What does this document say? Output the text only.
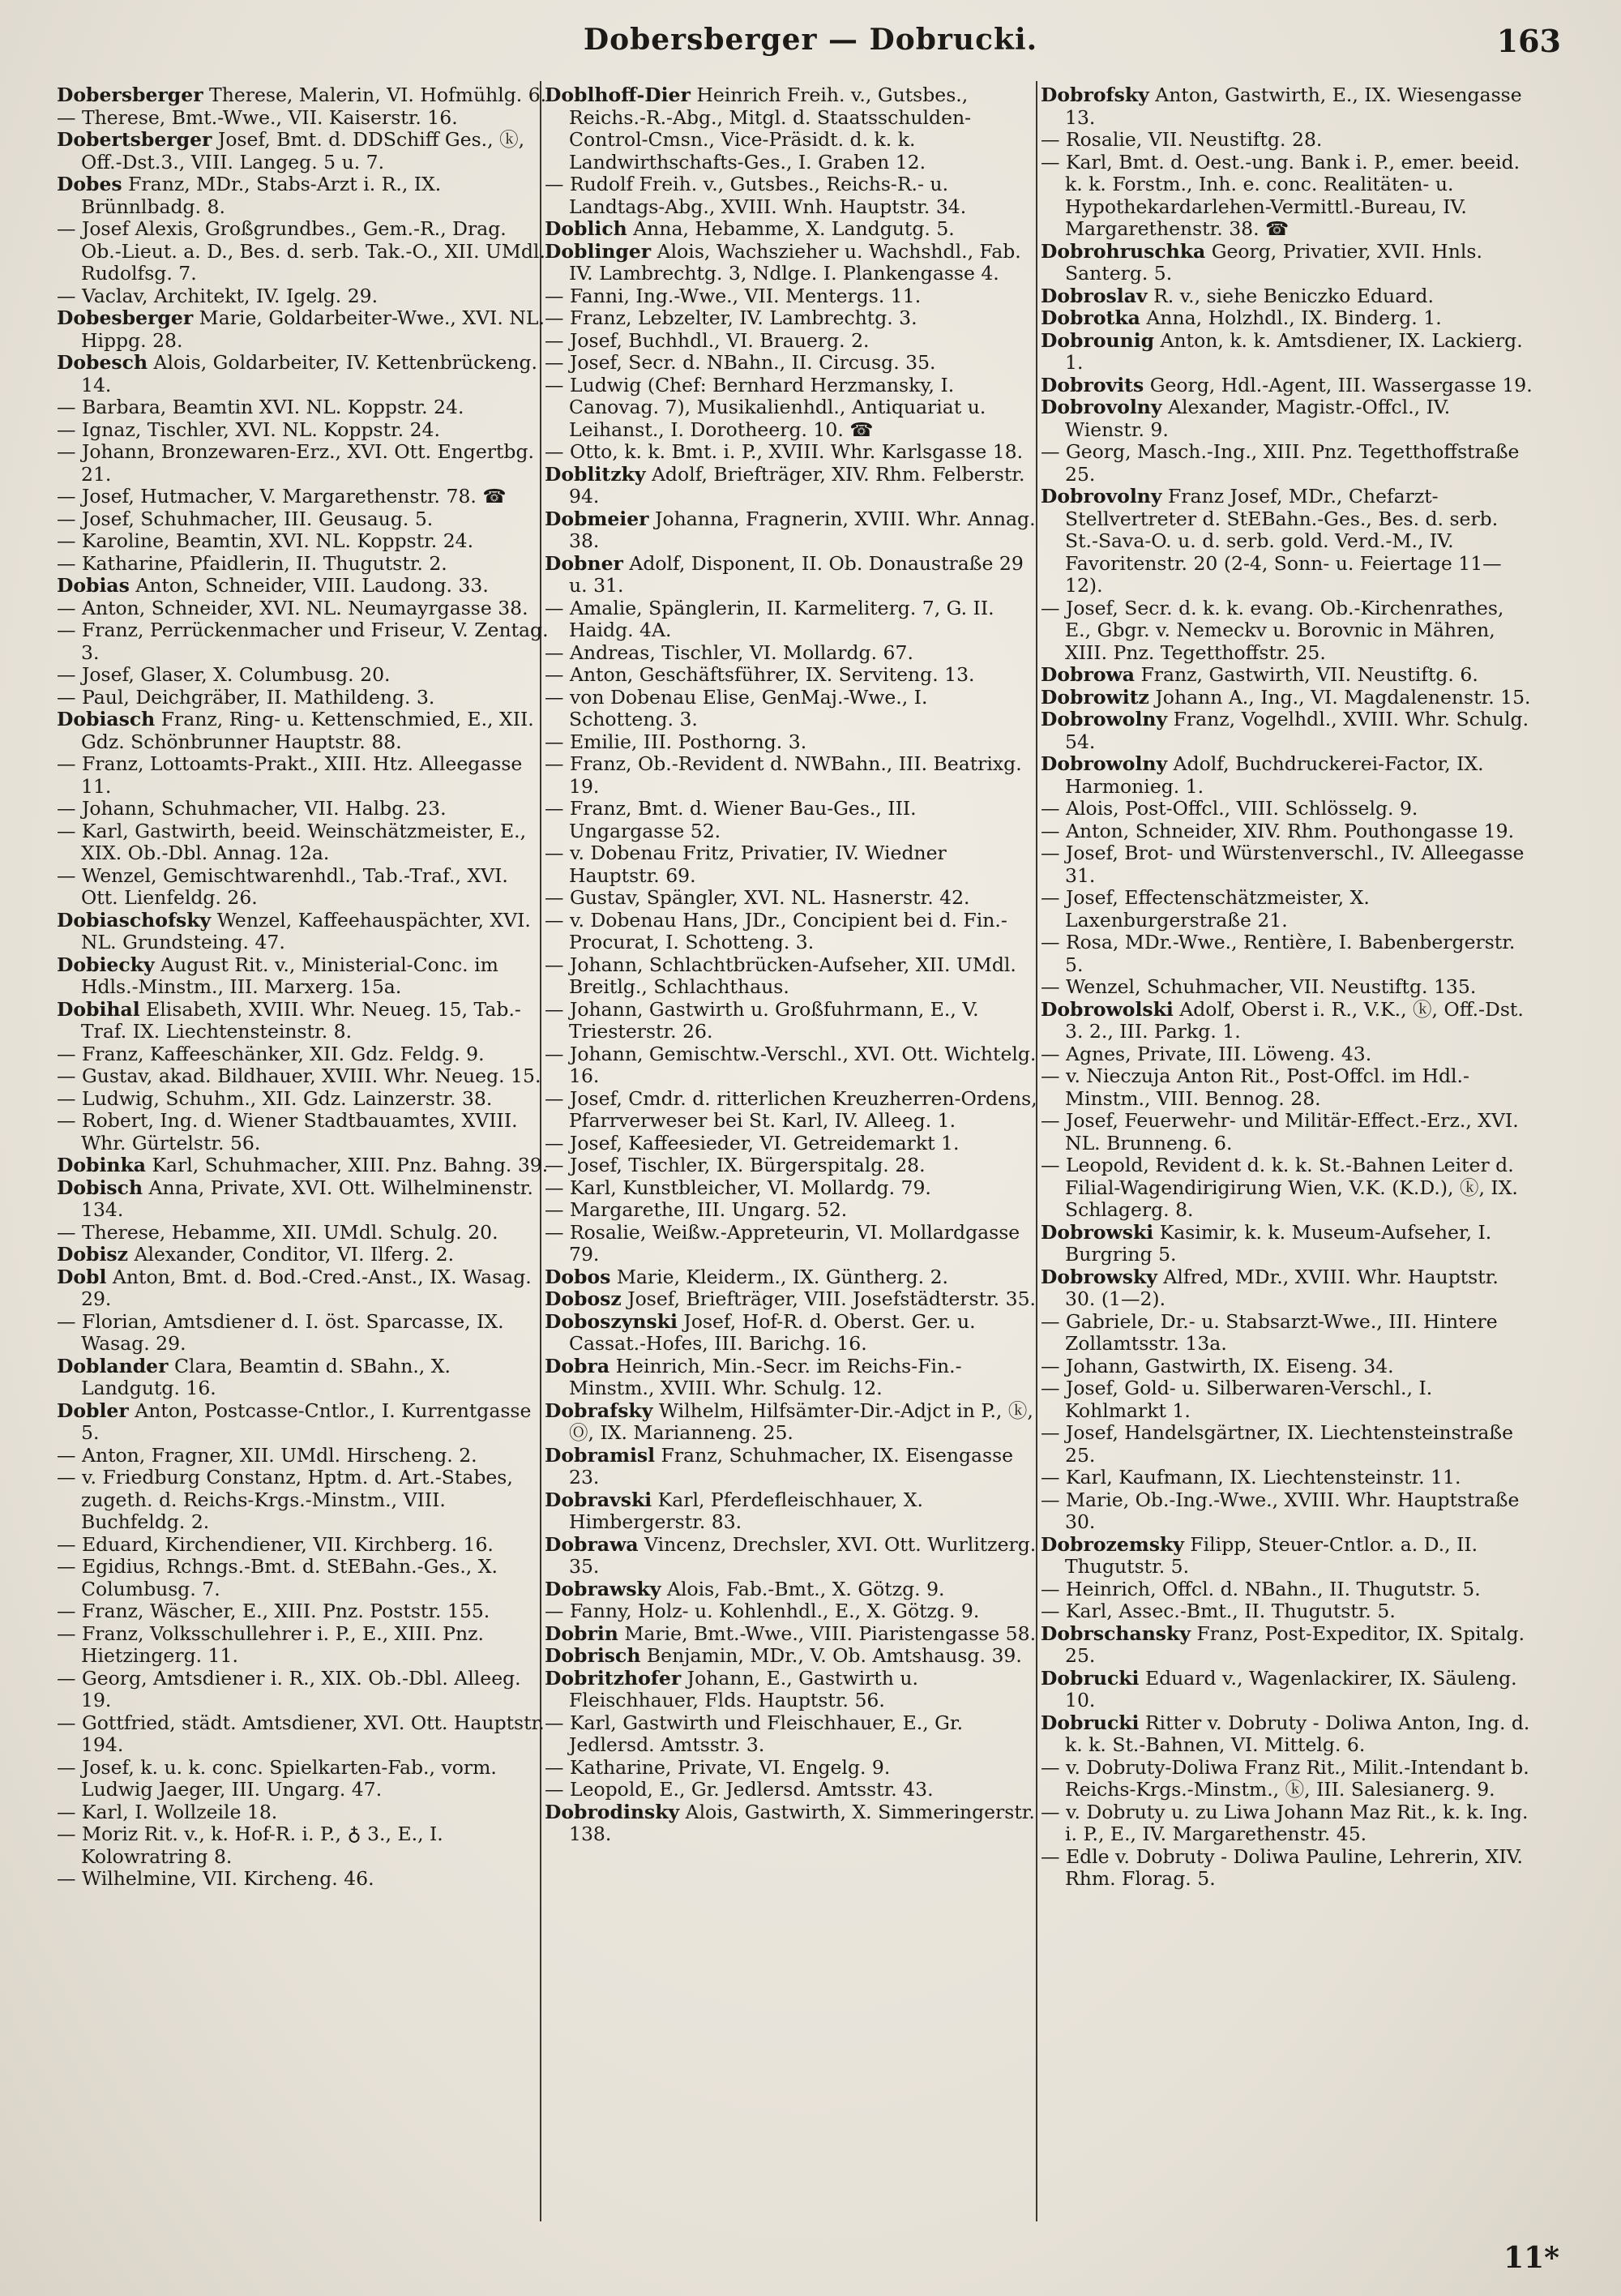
Dobersberger — Dobrucki.	163
Dobersberger Therese, Malerin, VI. Hofmühlg. 6.
— Therese, Bmt.-Wwe., VII. Kaiserstr. 16.
Dobertsberger Josef, Bmt. d. DDSchiff Ges., ⓚ, Off.-Dst.3., VIII. Langeg. 5 u. 7.
Dobes Franz, MDr., Stabs-Arzt i. R., IX. Brünnlbadg. 8.
— Josef Alexis, Großgrundbes., Gem.-R., Drag. Ob.-Lieut. a. D., Bes. d. serb. Tak.-O., XII. UMdl. Rudolfsg. 7.
— Vaclav, Architekt, IV. Igelg. 29.
Dobesberger Marie, Goldarbeiter-Wwe., XVI. NL. Hippg. 28.
Dobesch Alois, Goldarbeiter, IV. Kettenbrückeng. 14.
— Barbara, Beamtin XVI. NL. Koppstr. 24.
— Ignaz, Tischler, XVI. NL. Koppstr. 24.
— Johann, Bronzewaren-Erz., XVI. Ott. Engertbg. 21.
— Josef, Hutmacher, V. Margarethenstr. 78. ☎
— Josef, Schuhmacher, III. Geusaug. 5.
— Karoline, Beamtin, XVI. NL. Koppstr. 24.
— Katharine, Pfaidlerin, II. Thugutstr. 2.
Dobias Anton, Schneider, VIII. Laudong. 33.
— Anton, Schneider, XVI. NL. Neumayrgasse 38.
— Franz, Perrückenmacher und Friseur, V. Zentag. 3.
— Josef, Glaser, X. Columbusg. 20.
— Paul, Deichgräber, II. Mathildeng. 3.
Dobiasch Franz, Ring- u. Kettenschmied, E., XII. Gdz. Schönbrunner Hauptstr. 88.
— Franz, Lottoamts-Prakt., XIII. Htz. Alleegasse 11.
— Johann, Schuhmacher, VII. Halbg. 23.
— Karl, Gastwirth, beeid. Weinschätzmeister, E., XIX. Ob.-Dbl. Annag. 12a.
— Wenzel, Gemischtwarenhdl., Tab.-Traf., XVI. Ott. Lienfeldg. 26.
Dobiaschofsky Wenzel, Kaffeehauspächter, XVI. NL. Grundsteing. 47.
Dobiecky August Rit. v., Ministerial-Conc. im Hdls.-Minstm., III. Marxerg. 15a.
Dobihal Elisabeth, XVIII. Whr. Neueg. 15, Tab.-Traf. IX. Liechtensteinstr. 8.
— Franz, Kaffeeschänker, XII. Gdz. Feldg. 9.
— Gustav, akad. Bildhauer, XVIII. Whr. Neueg. 15.
— Ludwig, Schuhm., XII. Gdz. Lainzerstr. 38.
— Robert, Ing. d. Wiener Stadtbauamtes, XVIII. Whr. Gürtelstr. 56.
Dobinka Karl, Schuhmacher, XIII. Pnz. Bahng. 39.
Dobisch Anna, Private, XVI. Ott. Wilhelminenstr. 134.
— Therese, Hebamme, XII. UMdl. Schulg. 20.
Dobisz Alexander, Conditor, VI. Ilferg. 2.
Dobl Anton, Bmt. d. Bod.-Cred.-Anst., IX. Wasag. 29.
— Florian, Amtsdiener d. I. öst. Sparcasse, IX. Wasag. 29.
Doblander Clara, Beamtin d. SBahn., X. Landgutg. 16.
Dobler Anton, Postcasse-Cntlor., I. Kurrentgasse 5.
— Anton, Fragner, XII. UMdl. Hirscheng. 2.
— v. Friedburg Constanz, Hptm. d. Art.-Stabes, zugeth. d. Reichs-Krgs.-Minstm., VIII. Buchfeldg. 2.
— Eduard, Kirchendiener, VII. Kirchberg. 16.
— Egidius, Rchngs.-Bmt. d. StEBahn.-Ges., X. Columbusg. 7.
— Franz, Wäscher, E., XIII. Pnz. Poststr. 155.
— Franz, Volksschullehrer i. P., E., XIII. Pnz. Hietzingerg. 11.
— Georg, Amtsdiener i. R., XIX. Ob.-Dbl. Alleeg. 19.
— Gottfried, städt. Amtsdiener, XVI. Ott. Hauptstr. 194.
— Josef, k. u. k. conc. Spielkarten-Fab., vorm. Ludwig Jaeger, III. Ungarg. 47.
— Karl, I. Wollzeile 18.
— Moriz Rit. v., k. Hof-R. i. P., ♁ 3., E., I. Kolowratring 8.
— Wilhelmine, VII. Kircheng. 46.
Doblhoff-Dier Heinrich Freih. v., Gutsbes., Reichs.-R.-Abg., Mitgl. d. Staatsschulden-Control-Cmsn., Vice-Präsidt. d. k. k. Landwirthschafts-Ges., I. Graben 12.
— Rudolf Freih. v., Gutsbes., Reichs-R.- u. Landtags-Abg., XVIII. Wnh. Hauptstr. 34.
Doblich Anna, Hebamme, X. Landgutg. 5.
Doblinger Alois, Wachszieher u. Wachshdl., Fab. IV. Lambrechtg. 3, Ndlge. I. Plankengasse 4.
— Fanni, Ing.-Wwe., VII. Mentergs. 11.
— Franz, Lebzelter, IV. Lambrechtg. 3.
— Josef, Buchhdl., VI. Brauerg. 2.
— Josef, Secr. d. NBahn., II. Circusg. 35.
— Ludwig (Chef: Bernhard Herzmansky, I. Canovag. 7), Musikalienhdl., Antiquariat u. Leihanst., I. Dorotheerg. 10. ☎
— Otto, k. k. Bmt. i. P., XVIII. Whr. Karlsgasse 18.
Doblitzky Adolf, Briefträger, XIV. Rhm. Felberstr. 94.
Dobmeier Johanna, Fragnerin, XVIII. Whr. Annag. 38.
Dobner Adolf, Disponent, II. Ob. Donaustraße 29 u. 31.
— Amalie, Spänglerin, II. Karmeliterg. 7, G. II. Haidg. 4A.
— Andreas, Tischler, VI. Mollardg. 67.
— Anton, Geschäftsführer, IX. Serviteng. 13.
— von Dobenau Elise, GenMaj.-Wwe., I. Schotteng. 3.
— Emilie, III. Posthorng. 3.
— Franz, Ob.-Revident d. NWBahn., III. Beatrixg. 19.
— Franz, Bmt. d. Wiener Bau-Ges., III. Ungargasse 52.
— v. Dobenau Fritz, Privatier, IV. Wiedner Hauptstr. 69.
— Gustav, Spängler, XVI. NL. Hasnerstr. 42.
— v. Dobenau Hans, JDr., Concipient bei d. Fin.-Procurat, I. Schotteng. 3.
— Johann, Schlachtbrücken-Aufseher, XII. UMdl. Breitlg., Schlachthaus.
— Johann, Gastwirth u. Großfuhrmann, E., V. Triesterstr. 26.
— Johann, Gemischtw.-Verschl., XVI. Ott. Wichtelg. 16.
— Josef, Cmdr. d. ritterlichen Kreuzherren-Ordens, Pfarrverweser bei St. Karl, IV. Alleeg. 1.
— Josef, Kaffeesieder, VI. Getreidemarkt 1.
— Josef, Tischler, IX. Bürgerspitalg. 28.
— Karl, Kunstbleicher, VI. Mollardg. 79.
— Margarethe, III. Ungarg. 52.
— Rosalie, Weißw.-Appreteurin, VI. Mollardgasse 79.
Dobos Marie, Kleiderm., IX. Güntherg. 2.
Dobosz Josef, Briefträger, VIII. Josefstädterstr. 35.
Doboszynski Josef, Hof-R. d. Oberst. Ger. u. Cassat.-Hofes, III. Barichg. 16.
Dobra Heinrich, Min.-Secr. im Reichs-Fin.-Minstm., XVIII. Whr. Schulg. 12.
Dobrafsky Wilhelm, Hilfsämter-Dir.-Adjct in P., ⓚ, Ⓞ, IX. Marianneng. 25.
Dobramisl Franz, Schuhmacher, IX. Eisengasse 23.
Dobravski Karl, Pferdefleischhauer, X. Himbergerstr. 83.
Dobrawa Vincenz, Drechsler, XVI. Ott. Wurlitzerg. 35.
Dobrawsky Alois, Fab.-Bmt., X. Götzg. 9.
— Fanny, Holz- u. Kohlenhdl., E., X. Götzg. 9.
Dobrin Marie, Bmt.-Wwe., VIII. Piaristengasse 58.
Dobrisch Benjamin, MDr., V. Ob. Amtshausg. 39.
Dobritzhofer Johann, E., Gastwirth u. Fleischhauer, Flds. Hauptstr. 56.
— Karl, Gastwirth und Fleischhauer, E., Gr. Jedlersd. Amtsstr. 3.
— Katharine, Private, VI. Engelg. 9.
— Leopold, E., Gr. Jedlersd. Amtsstr. 43.
Dobrodinsky Alois, Gastwirth, X. Simmeringerstr. 138.
Dobrofsky Anton, Gastwirth, E., IX. Wiesengasse 13.
— Rosalie, VII. Neustiftg. 28.
— Karl, Bmt. d. Oest.-ung. Bank i. P., emer. beeid. k. k. Forstm., Inh. e. conc. Realitäten- u. Hypothekardarlehen-Vermittl.-Bureau, IV. Margarethenstr. 38. ☎
Dobrohruschka Georg, Privatier, XVII. Hnls. Santerg. 5.
Dobroslav R. v., siehe Beniczko Eduard.
Dobrotka Anna, Holzhdl., IX. Binderg. 1.
Dobrounig Anton, k. k. Amtsdiener, IX. Lackierg. 1.
Dobrovits Georg, Hdl.-Agent, III. Wassergasse 19.
Dobrovolny Alexander, Magistr.-Offcl., IV. Wienstr. 9.
— Georg, Masch.-Ing., XIII. Pnz. Tegetthoffstraße 25.
Dobrovolny Franz Josef, MDr., Chefarzt-Stellvertreter d. StEBahn.-Ges., Bes. d. serb. St.-Sava-O. u. d. serb. gold. Verd.-M., IV. Favoritenstr. 20 (2-4, Sonn- u. Feiertage 11—12).
— Josef, Secr. d. k. k. evang. Ob.-Kirchenrathes, E., Gbgr. v. Nemeckv u. Borovnic in Mähren, XIII. Pnz. Tegetthoffstr. 25.
Dobrowa Franz, Gastwirth, VII. Neustiftg. 6.
Dobrowitz Johann A., Ing., VI. Magdalenenstr. 15.
Dobrowolny Franz, Vogelhdl., XVIII. Whr. Schulg. 54.
Dobrowolny Adolf, Buchdruckerei-Factor, IX. Harmonieg. 1.
— Alois, Post-Offcl., VIII. Schlösselg. 9.
— Anton, Schneider, XIV. Rhm. Pouthongasse 19.
— Josef, Brot- und Würstenverschl., IV. Alleegasse 31.
— Josef, Effectenschätzmeister, X. Laxenburgerstraße 21.
— Rosa, MDr.-Wwe., Rentière, I. Babenbergerstr. 5.
— Wenzel, Schuhmacher, VII. Neustiftg. 135.
Dobrowolski Adolf, Oberst i. R., V.K., ⓚ, Off.-Dst. 3. 2., III. Parkg. 1.
— Agnes, Private, III. Löweng. 43.
— v. Nieczuja Anton Rit., Post-Offcl. im Hdl.-Minstm., VIII. Bennog. 28.
— Josef, Feuerwehr- und Militär-Effect.-Erz., XVI. NL. Brunneng. 6.
— Leopold, Revident d. k. k. St.-Bahnen Leiter d. Filial-Wagendirigirung Wien, V.K. (K.D.), ⓚ, IX. Schlagerg. 8.
Dobrowski Kasimir, k. k. Museum-Aufseher, I. Burgring 5.
Dobrowsky Alfred, MDr., XVIII. Whr. Hauptstr. 30. (1—2).
— Gabriele, Dr.- u. Stabsarzt-Wwe., III. Hintere Zollamtsstr. 13a.
— Johann, Gastwirth, IX. Eiseng. 34.
— Josef, Gold- u. Silberwaren-Verschl., I. Kohlmarkt 1.
— Josef, Handelsgärtner, IX. Liechtensteinstraße 25.
— Karl, Kaufmann, IX. Liechtensteinstr. 11.
— Marie, Ob.-Ing.-Wwe., XVIII. Whr. Hauptstraße 30.
Dobrozemsky Filipp, Steuer-Cntlor. a. D., II. Thugutstr. 5.
— Heinrich, Offcl. d. NBahn., II. Thugutstr. 5.
— Karl, Assec.-Bmt., II. Thugutstr. 5.
Dobrschansky Franz, Post-Expeditor, IX. Spitalg. 25.
Dobrucki Eduard v., Wagenlackirer, IX. Säuleng. 10.
Dobrucki Ritter v. Dobruty - Doliwa Anton, Ing. d. k. k. St.-Bahnen, VI. Mittelg. 6.
— v. Dobruty-Doliwa Franz Rit., Milit.-Intendant b. Reichs-Krgs.-Minstm., ⓚ, III. Salesianerg. 9.
— v. Dobruty u. zu Liwa Johann Maz Rit., k. k. Ing. i. P., E., IV. Margarethenstr. 45.
— Edle v. Dobruty - Doliwa Pauline, Lehrerin, XIV. Rhm. Florag. 5.
11*
